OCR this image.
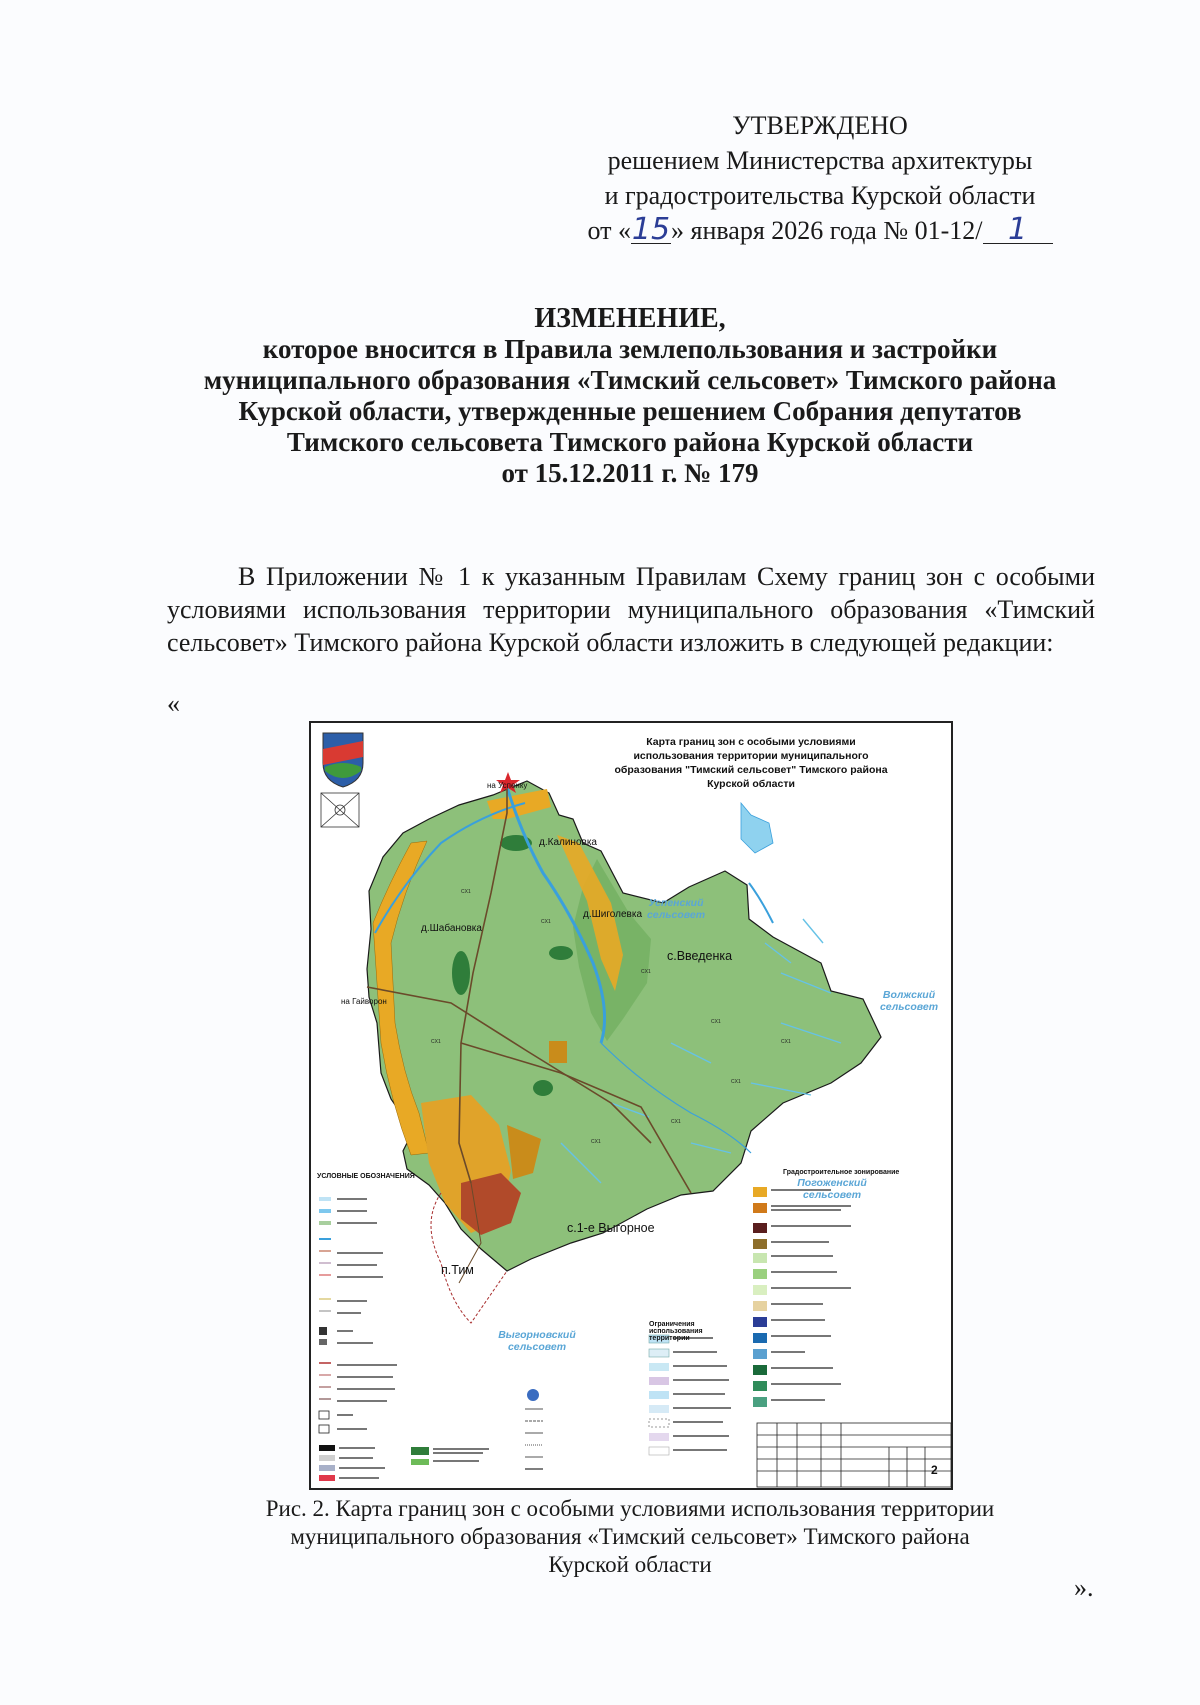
УТВЕРЖДЕНО
решением Министерства архитектуры
и градостроительства Курской области
от «15» января 2026 года № 01-12/ 1
ИЗМЕНЕНИЕ,
которое вносится в Правила землепользования и застройки
муниципального образования «Тимский сельсовет» Тимского района
Курской области, утвержденные решением Собрания депутатов
Тимского сельсовета Тимского района Курской области
от 15.12.2011 г. № 179
В Приложении № 1 к указанным Правилам Схему границ зон с особыми условиями использования территории муниципального образования «Тимский сельсовет» Тимского района Курской области изложить в следующей редакции:
«
CX1
CX1
CX1
CX1
CX1
CX1
CX1
CX1
CX1
Карта границ зон с особыми условиями использования территории муниципального образования "Тимский сельсовет" Тимского района Курской области
на Успенку
на Гайворон
д.Калиновка
д.Шабановка
д.Шиголевка
с.Введенка
с.1-е Выгорное
п.Тим
Успенский сельсовет
Волжский сельсовет
Погоженский сельсовет
Выгорновский сельсовет
УСЛОВНЫЕ ОБОЗНАЧЕНИЯ
Градостроительное зонирование
Ограничения использования территории
2
Рис. 2. Карта границ зон с особыми условиями использования территории
муниципального образования «Тимский сельсовет» Тимского района
Курской области
».
